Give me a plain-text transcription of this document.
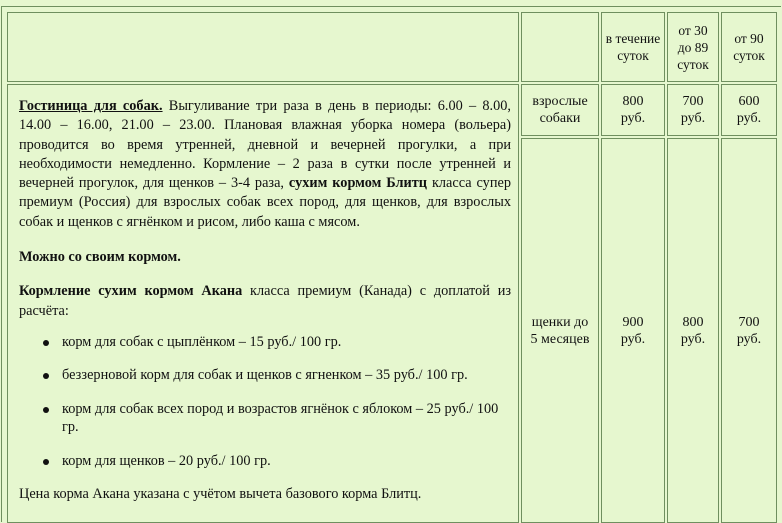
в течение суток
от 30 до 89 суток
от 90 суток

Гостиница для собак. Выгуливание три раза в день в периоды: 6.00 – 8.00, 14.00 – 16.00, 21.00 – 23.00. Плановая влажная уборка номера (вольера) проводится во время утренней, дневной и вечерней прогулки, а при необходимости немедленно. Кормление – 2 раза в сутки после утренней и вечерней прогулок, для щенков – 3-4 раза, сухим кормом Блитц класса супер премиум (Россия) для взрослых собак всех пород, для щенков, для взрослых собак и щенков с ягнёнком и рисом, либо каша с мясом.

Можно со своим кормом.

Кормление сухим кормом Акана класса премиум (Канада) с доплатой из расчёта:

корм для собак с цыплёнком – 15 руб./ 100 гр.
беззерновой корм для собак и щенков с ягненком – 35 руб./ 100 гр.
корм для собак всех пород и возрастов ягнёнок с яблоком – 25 руб./ 100 гр.
корм для щенков – 20 руб./ 100 гр.

Цена корма Акана указана с учётом вычета базового корма Блитц.

взрослые собаки
800 руб.
700 руб.
600 руб.
щенки до 5 месяцев
900 руб.
800 руб.
700 руб.
